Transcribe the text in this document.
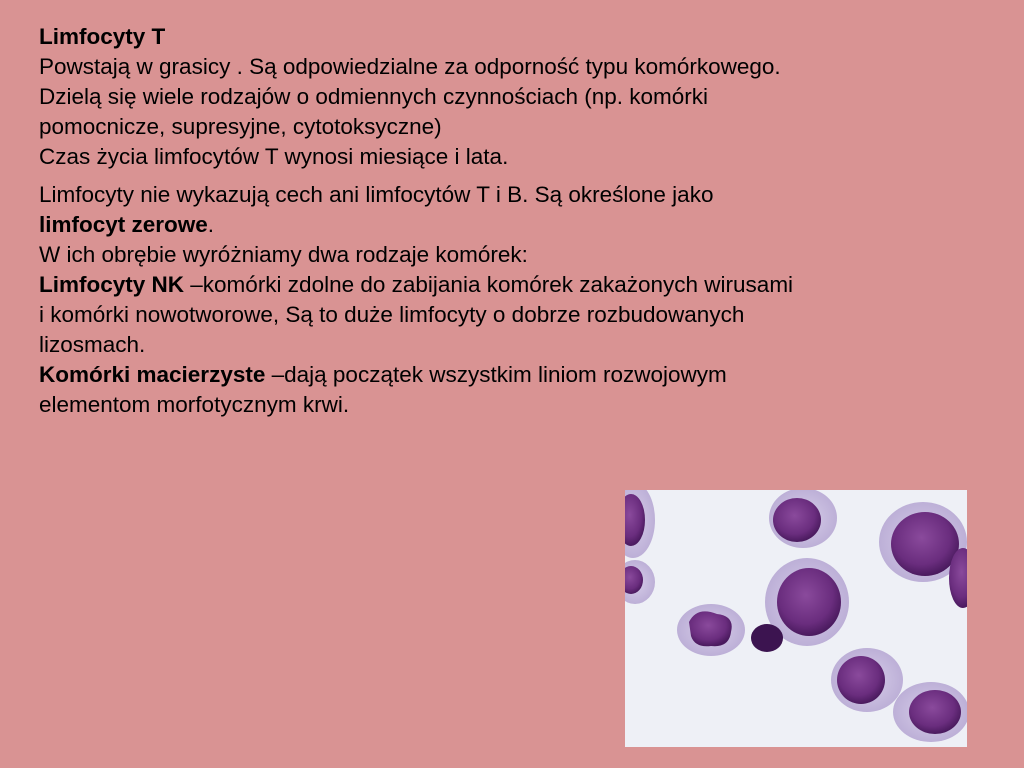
Limfocyty T
Powstają w grasicy . Są odpowiedzialne za odporność typu komórkowego.
Dzielą się wiele rodzajów o odmiennych czynnościach (np. komórki
pomocnicze, supresyjne, cytotoksyczne)
Czas życia limfocytów T wynosi miesiące i lata.
Limfocyty nie wykazują cech ani limfocytów T i B. Są określone jako
limfocyt zerowe.
W ich obrębie wyróżniamy dwa rodzaje komórek:
Limfocyty NK –komórki zdolne do zabijania komórek zakażonych wirusami
i komórki nowotworowe, Są to duże limfocyty o dobrze rozbudowanych
lizosmach.
Komórki macierzyste –dają początek wszystkim liniom rozwojowym
elementom morfotycznym krwi.
